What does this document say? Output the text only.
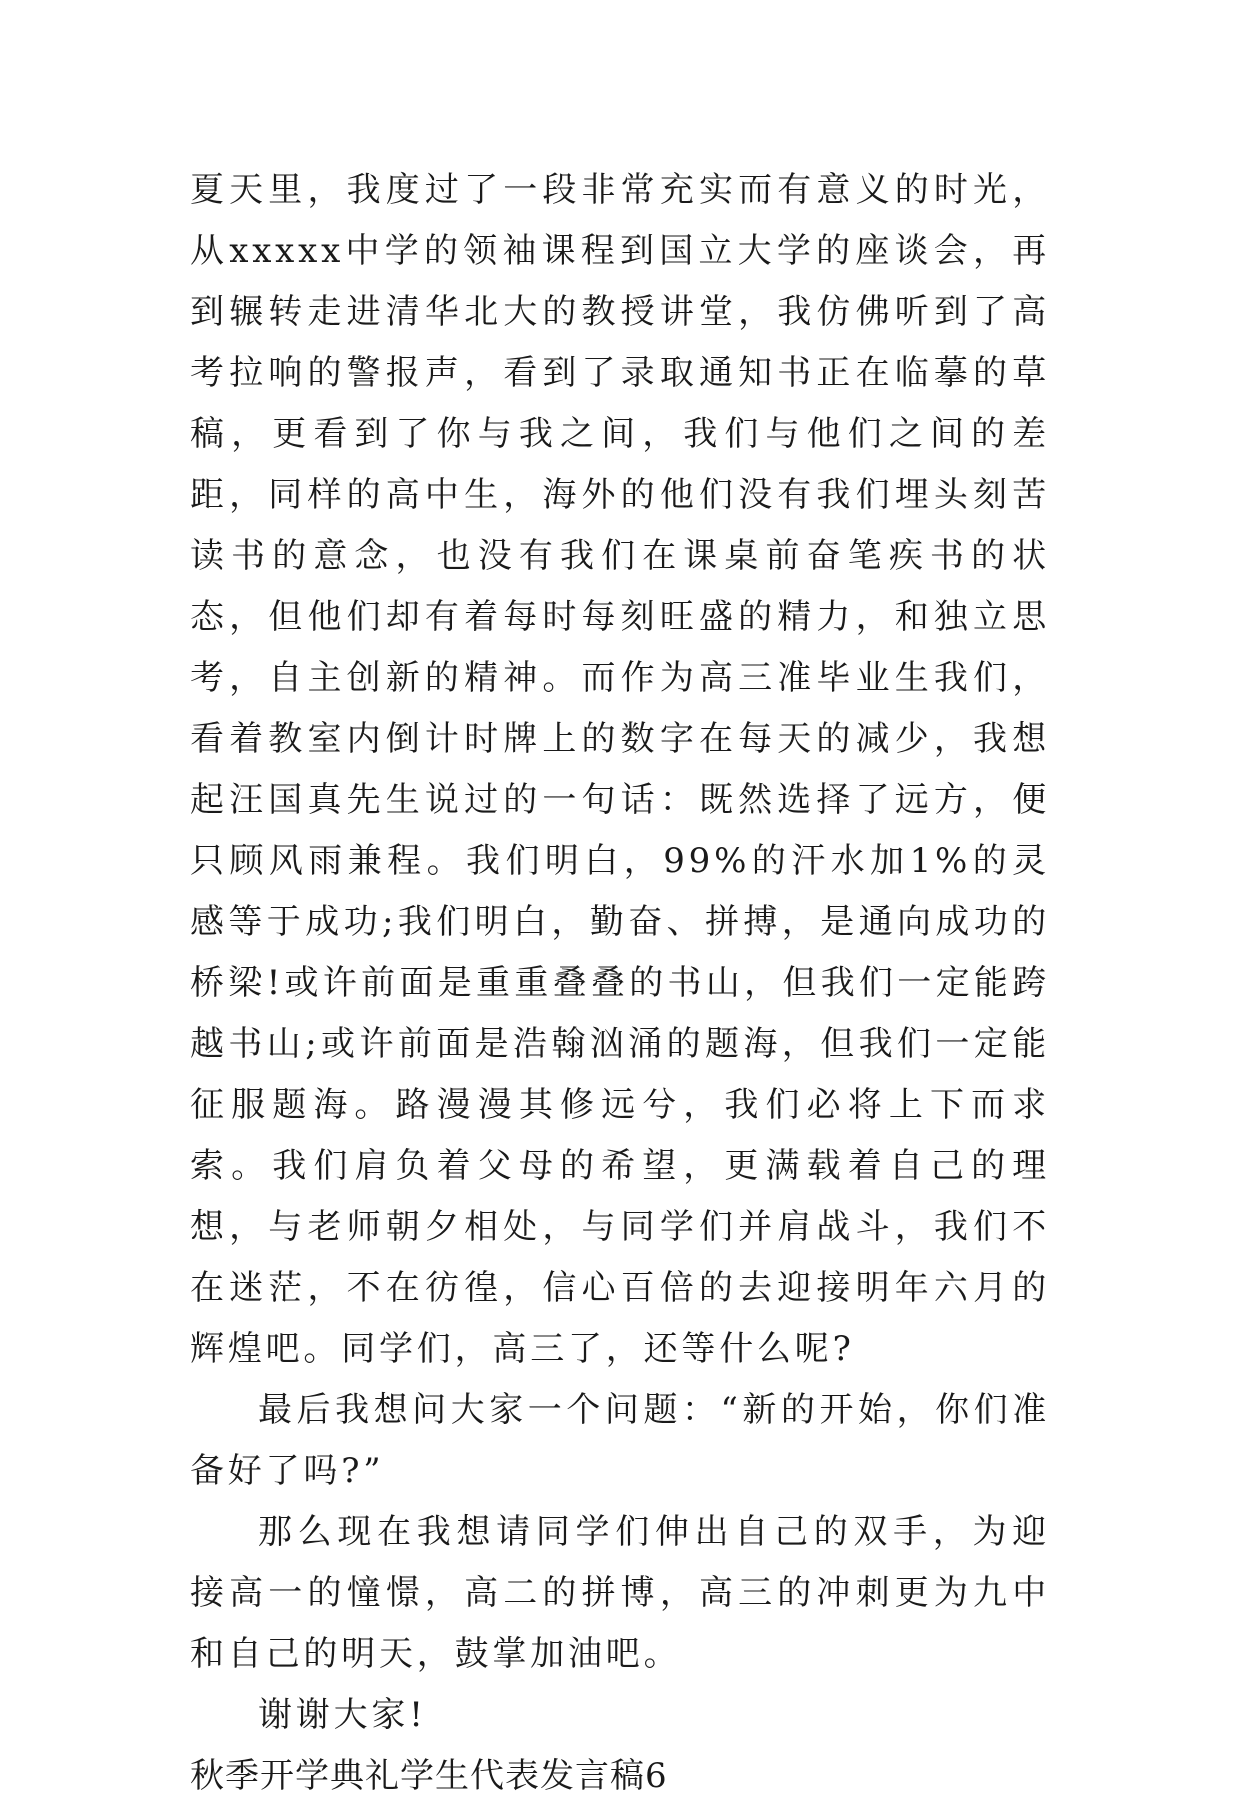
夏天里，我度过了一段非常充实而有意义的时光，从xxxxx中学的领袖课程到国立大学的座谈会，再到辗转走进清华北大的教授讲堂，我仿佛听到了高考拉响的警报声，看到了录取通知书正在临摹的草稿，更看到了你与我之间，我们与他们之间的差距，同样的高中生，海外的他们没有我们埋头刻苦读书的意念，也没有我们在课桌前奋笔疾书的状态，但他们却有着每时每刻旺盛的精力，和独立思考，自主创新的精神。而作为高三准毕业生我们，看着教室内倒计时牌上的数字在每天的减少，我想起汪国真先生说过的一句话：既然选择了远方，便只顾风雨兼程。我们明白，99%的汗水加1%的灵感等于成功;我们明白，勤奋、拼搏，是通向成功的桥梁!或许前面是重重叠叠的书山，但我们一定能跨越书山;或许前面是浩翰汹涌的题海，但我们一定能征服题海。路漫漫其修远兮，我们必将上下而求索。我们肩负着父母的希望，更满载着自己的理想，与老师朝夕相处，与同学们并肩战斗，我们不在迷茫，不在彷徨，信心百倍的去迎接明年六月的辉煌吧。同学们，高三了，还等什么呢?

最后我想问大家一个问题：“新的开始，你们准备好了吗?”

那么现在我想请同学们伸出自己的双手，为迎接高一的憧憬，高二的拼博，高三的冲刺更为九中和自己的明天，鼓掌加油吧。

谢谢大家!

秋季开学典礼学生代表发言稿6
